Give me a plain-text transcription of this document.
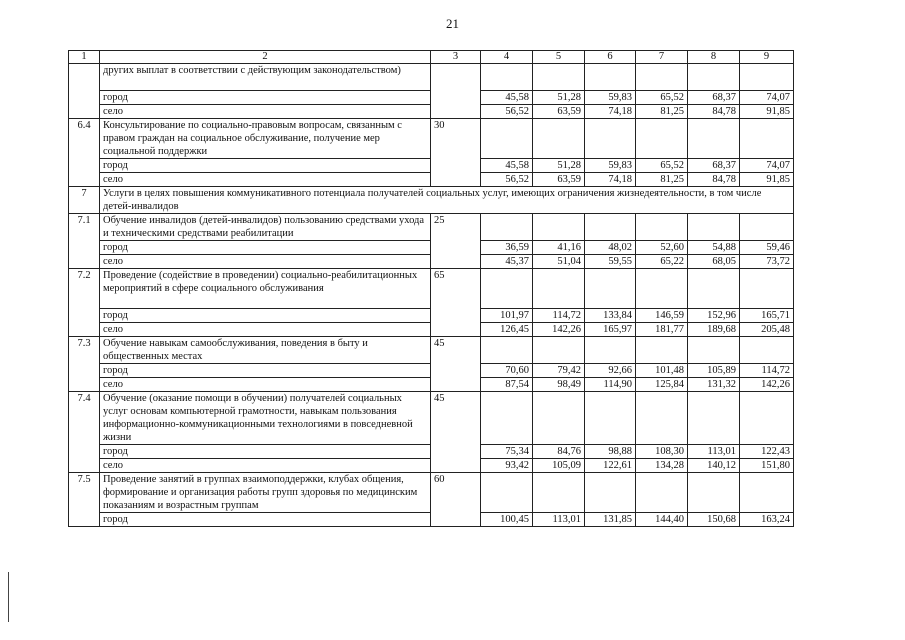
21
1	2	3	4	5	6	7	8	9
	других выплат в соответствии с действующим законодательством)							
	город		45,58	51,28	59,83	65,52	68,37	74,07
	село		56,52	63,59	74,18	81,25	84,78	91,85
6.4	Консультирование по социально-правовым вопросам, связанным с правом граждан на социальное обслуживание, получение мер социальной поддержки	30						
	город		45,58	51,28	59,83	65,52	68,37	74,07
	село		56,52	63,59	74,18	81,25	84,78	91,85
7	Услуги в целях повышения коммуникативного потенциала получателей социальных услуг, имеющих ограничения жизнедеятельности, в том числе детей-инвалидов							
7.1	Обучение инвалидов (детей-инвалидов) пользованию средствами ухода и техническими средствами реабилитации	25						
	город		36,59	41,16	48,02	52,60	54,88	59,46
	село		45,37	51,04	59,55	65,22	68,05	73,72
7.2	Проведение (содействие в проведении) социально-реабилитационных мероприятий в сфере социального обслуживания	65						
	город		101,97	114,72	133,84	146,59	152,96	165,71
	село		126,45	142,26	165,97	181,77	189,68	205,48
7.3	Обучение навыкам самообслуживания, поведения в быту и общественных местах	45						
	город		70,60	79,42	92,66	101,48	105,89	114,72
	село		87,54	98,49	114,90	125,84	131,32	142,26
7.4	Обучение (оказание помощи в обучении) получателей социальных услуг основам компьютерной грамотности, навыкам пользования информационно-коммуникационными технологиями в повседневной жизни	45						
	город		75,34	84,76	98,88	108,30	113,01	122,43
	село		93,42	105,09	122,61	134,28	140,12	151,80
7.5	Проведение занятий в группах взаимоподдержки, клубах общения, формирование и организация работы групп здоровья по медицинским показаниям и возрастным группам	60						
	город		100,45	113,01	131,85	144,40	150,68	163,24
